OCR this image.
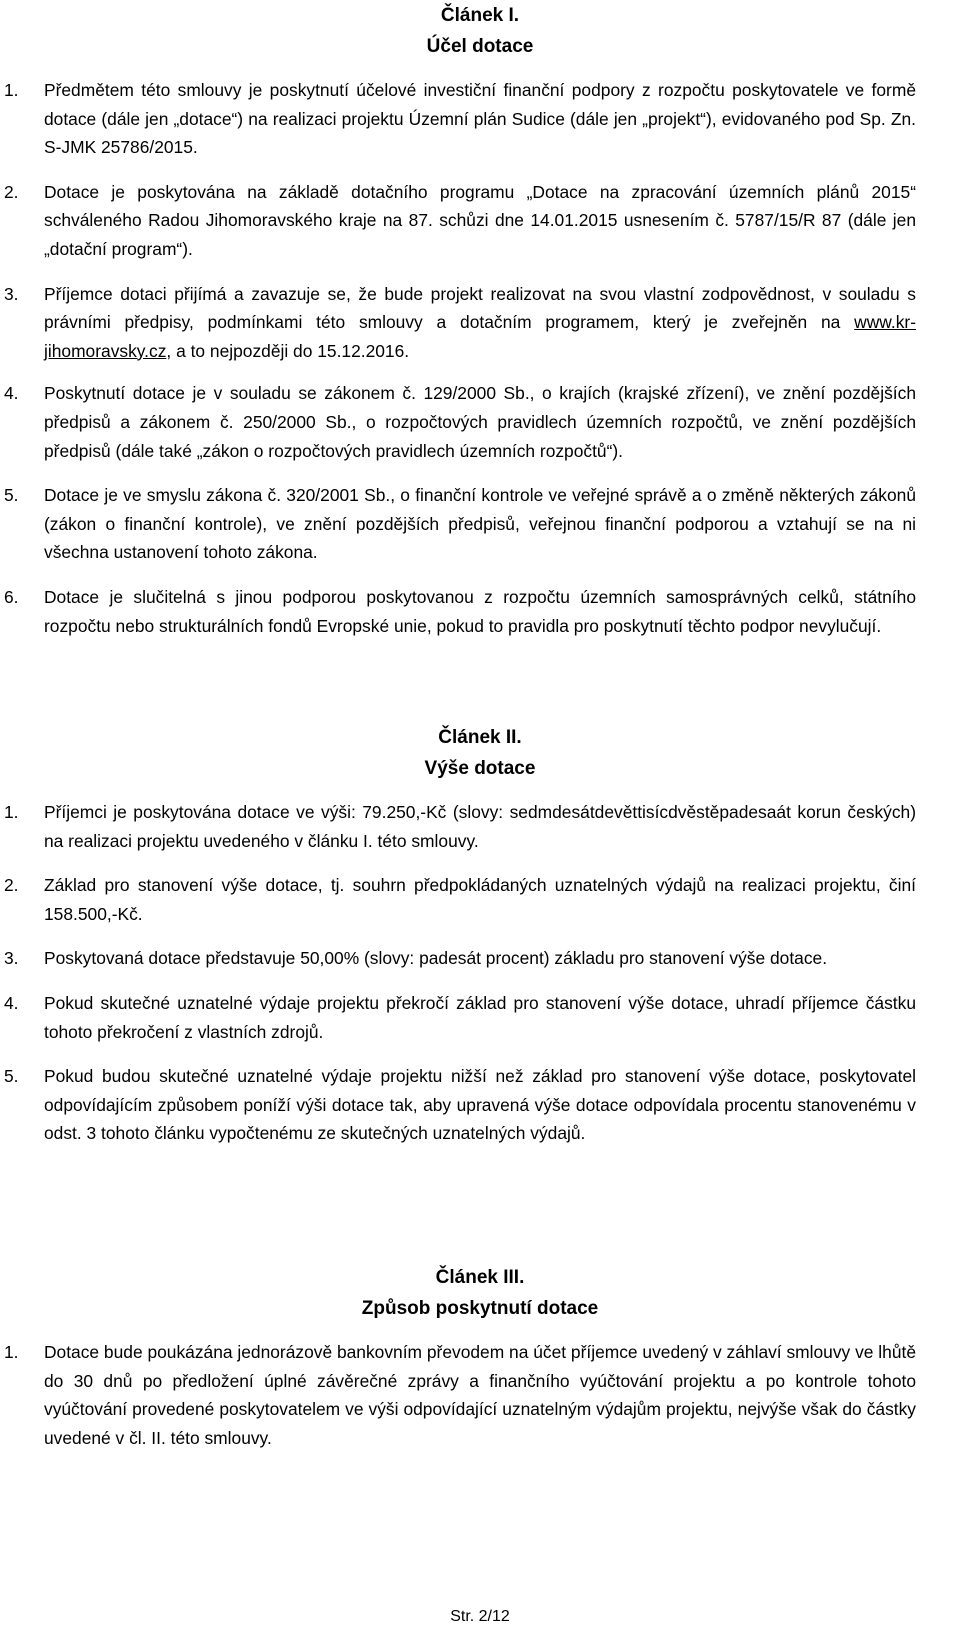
Článek I.
Účel dotace
1. Předmětem této smlouvy je poskytnutí účelové investiční finanční podpory z rozpočtu poskytovatele ve formě dotace (dále jen „dotace“) na realizaci projektu Územní plán Sudice (dále jen „projekt“), evidovaného pod Sp. Zn. S-JMK 25786/2015.
2. Dotace je poskytována na základě dotačního programu „Dotace na zpracování územních plánů 2015“ schváleného Radou Jihomoravského kraje na 87. schůzi dne 14.01.2015 usnesením č. 5787/15/R 87 (dále jen „dotační program“).
3. Příjemce dotaci přijímá a zavazuje se, že bude projekt realizovat na svou vlastní zodpovědnost, v souladu s právními předpisy, podmínkami této smlouvy a dotačním programem, který je zveřejněn na www.kr-jihomoravsky.cz, a to nejpozději do 15.12.2016.
4. Poskytnutí dotace je v souladu se zákonem č. 129/2000 Sb., o krajích (krajské zřízení), ve znění pozdějších předpisů a zákonem č. 250/2000 Sb., o rozpočtových pravidlech územních rozpočtů, ve znění pozdějších předpisů (dále také „zákon o rozpočtových pravidlech územních rozpočtů“).
5. Dotace je ve smyslu zákona č. 320/2001 Sb., o finanční kontrole ve veřejné správě a o změně některých zákonů (zákon o finanční kontrole), ve znění pozdějších předpisů, veřejnou finanční podporou a vztahují se na ni všechna ustanovení tohoto zákona.
6. Dotace je slučitelná s jinou podporou poskytovanou z rozpočtu územních samosprávných celků, státního rozpočtu nebo strukturálních fondů Evropské unie, pokud to pravidla pro poskytnutí těchto podpor nevylučují.
Článek II.
Výše dotace
1. Příjemci je poskytována dotace ve výši: 79.250,-Kč (slovy: sedmdesátdevěttisícdvěstěpadesaát korun českých) na realizaci projektu uvedeného v článku I. této smlouvy.
2. Základ pro stanovení výše dotace, tj. souhrn předpokládaných uznatelných výdajů na realizaci projektu, činí 158.500,-Kč.
3. Poskytovaná dotace představuje 50,00% (slovy: padesát procent) základu pro stanovení výše dotace.
4. Pokud skutečné uznatelné výdaje projektu překročí základ pro stanovení výše dotace, uhradí příjemce částku tohoto překročení z vlastních zdrojů.
5. Pokud budou skutečné uznatelné výdaje projektu nižší než základ pro stanovení výše dotace, poskytovatel odpovídajícím způsobem poníží výši dotace tak, aby upravená výše dotace odpovídala procentu stanovenému v odst. 3 tohoto článku vypočtenému ze skutečných uznatelných výdajů.
Článek III.
Způsob poskytnutí dotace
1. Dotace bude poukázána jednorázově bankovním převodem na účet příjemce uvedený v záhlaví smlouvy ve lhůtě do 30 dnů po předložení úplné závěrečné zprávy a finančního vyúčtování projektu a po kontrole tohoto vyúčtování provedené poskytovatelem ve výši odpovídající uznatelným výdajům projektu, nejvýše však do částky uvedené v čl. II. této smlouvy.
Str. 2/12
